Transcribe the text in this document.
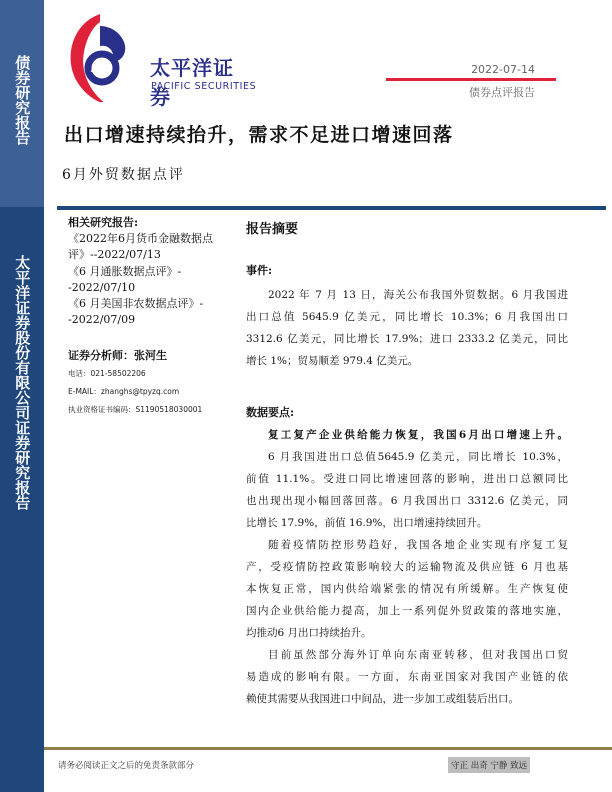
债券研究报告
太平洋证券股份有限公司证券研究报告
太平洋证券
PACIFIC SECURITIES
2022-07-14
债券点评报告
出口增速持续抬升，需求不足进口增速回落
6月外贸数据点评
相关研究报告:
《2022年6月货币金融数据点评》--2022/07/13
《6 月通胀数据点评》--2022/07/10
《6 月美国非农数据点评》--2022/07/09
证券分析师：张河生
电话：021-58502206
E-MAIL：zhanghs@tpyzq.com
执业资格证书编码：S1190518030001
报告摘要
事件:
2022 年 7 月 13 日，海关公布我国外贸数据。6 月我国进
出口总值 5645.9 亿美元，同比增长 10.3%；6 月我国出口
3312.6 亿美元，同比增长 17.9%；进口 2333.2 亿美元，同比
增长 1%；贸易顺差 979.4 亿美元。
数据要点:
复工复产企业供给能力恢复，我国6月出口增速上升。
6 月我国进出口总值5645.9 亿美元，同比增长 10.3%，
前值 11.1%。受进口同比增速回落的影响，进出口总额同比
也出现出现小幅回落回落。6 月我国出口 3312.6 亿美元，同
比增长 17.9%，前值 16.9%，出口增速持续回升。
随着疫情防控形势趋好，我国各地企业实现有序复工复
产，受疫情防控政策影响较大的运输物流及供应链 6 月也基
本恢复正常，国内供给端紧张的情况有所缓解。生产恢复使
国内企业供给能力提高，加上一系列促外贸政策的落地实施，
均推动6 月出口持续抬升。
目前虽然部分海外订单向东南亚转移，但对我国出口贸
易造成的影响有限。一方面，东南亚国家对我国产业链的依
赖使其需要从我国进口中间品，进一步加工或组装后出口。
请务必阅读正文之后的免责条款部分	守正 出奇 宁静 致远
